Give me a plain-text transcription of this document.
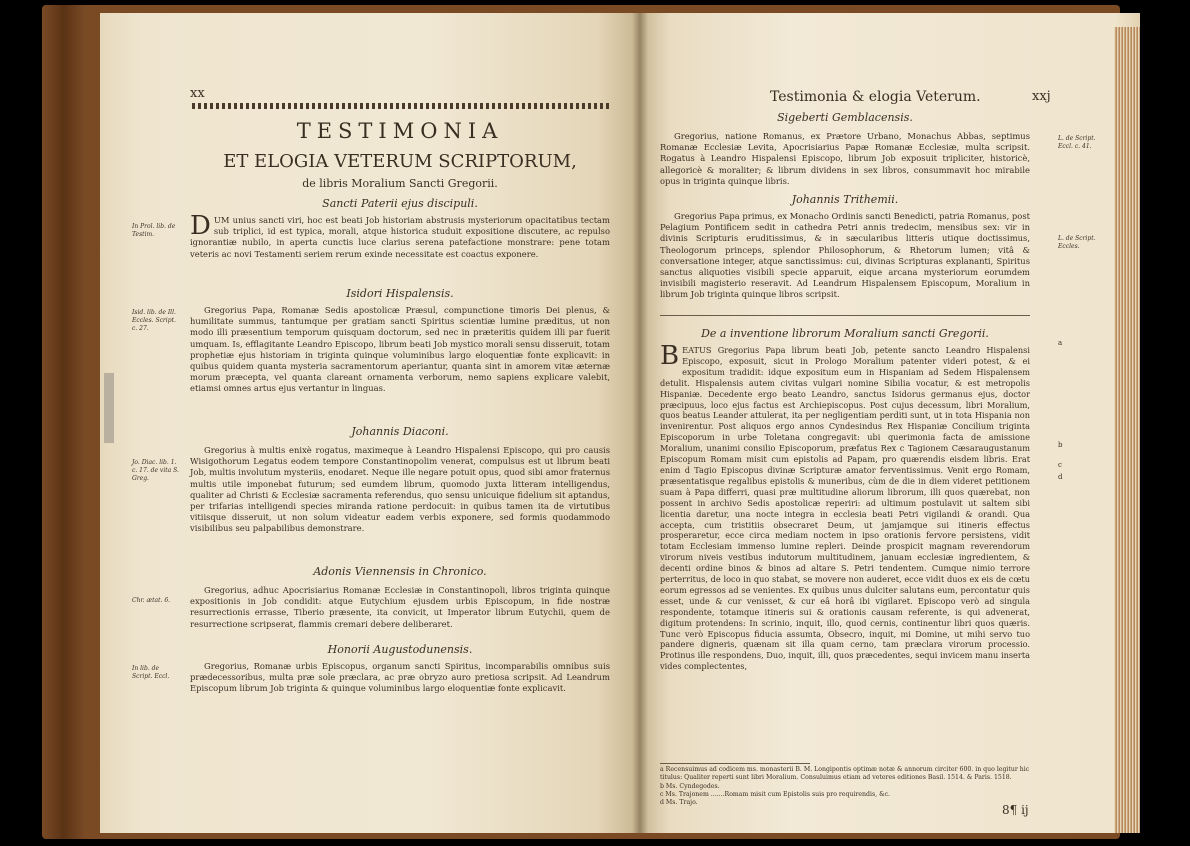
xx
TESTIMONIA
ET ELOGIA VETERUM SCRIPTORUM,
de libris Moralium Sancti Gregorii.
Sancti Paterii ejus discipuli.

In Prol. lib. de Testim.	DUM unius sancti viri, hoc est beati Job historiam abstrusis mysteriorum opacitatibus tectam sub triplici, id est typica, morali, atque historica studuit expositione discutere, ac repulso ignorantiæ nubilo, in aperta cunctis luce clarius serena patefactione monstrare: pene totam veteris ac novi Testamenti seriem rerum exinde necessitate est coactus exponere.

Isidori Hispalensis.

Isid. lib. de Ill. Eccles. Script. c. 27.

Gregorius Papa, Romanæ Sedis apostolicæ Præsul, compunctione timoris Dei plenus, & humilitate summus, tantumque per gratiam sancti Spiritus scientiæ lumine præditus, ut non modo illi præsentium temporum quisquam doctorum, sed nec in præteritis quidem illi par fuerit umquam. Is, efflagitante Leandro Episcopo, librum beati Job mystico morali sensu disseruit, totam prophetiæ ejus historiam in triginta quinque voluminibus largo eloquentiæ fonte explicavit: in quibus quidem quanta mysteria sacramentorum aperiantur, quanta sint in amorem vitæ æternæ morum præcepta, vel quanta clareant ornamenta verborum, nemo sapiens explicare valebit, etiamsi omnes artus ejus vertantur in linguas.

Johannis Diaconi.

Jo. Diac. lib. 1. c. 17. de vita S. Greg.

Gregorius à multis enixè rogatus, maximeque à Leandro Hispalensi Episcopo, qui pro causis Wisigothorum Legatus eodem tempore Constantinopolim venerat, compulsus est ut librum beati Job, multis involutum mysteriis, enodaret. Neque ille negare potuit opus, quod sibi amor fraternus multis utile imponebat futurum; sed eumdem librum, quomodo juxta litteram intelligendus, qualiter ad Christi & Ecclesiæ sacramenta referendus, quo sensu unicuique fidelium sit aptandus, per trifarias intelligendi species miranda ratione perdocuit: in quibus tamen ita de virtutibus vitiisque disseruit, ut non solum videatur eadem verbis exponere, sed formis quodammodo visibilibus seu palpabilibus demonstrare.

Adonis Viennensis in Chronico.

Chr. ætat. 6.

Gregorius, adhuc Apocrisiarius Romanæ Ecclesiæ in Constantinopoli, libros triginta quinque expositionis in Job condidit: atque Eutychium ejusdem urbis Episcopum, in fide nostræ resurrectionis errasse, Tiberio præsente, ita convicit, ut Imperator librum Eutychii, quem de resurrectione scripserat, flammis cremari debere deliberaret.

Honorii Augustodunensis.

In lib. de Script. Eccl.

Gregorius, Romanæ urbis Episcopus, organum sancti Spiritus, incomparabilis omnibus suis prædecessoribus, multa præ sole præclara, ac præ obryzo auro pretiosa scripsit. Ad Leandrum Episcopum librum Job triginta & quinque voluminibus largo eloquentiæ fonte explicavit.

Testimonia & elogia Veterum.	xxj
Sigeberti Gemblacensis.

Gregorius, natione Romanus, ex Prætore Urbano, Monachus Abbas, septimus Romanæ Ecclesiæ Levita, Apocrisiarius Papæ Romanæ Ecclesiæ, multa scripsit. Rogatus à Leandro Hispalensi Episcopo, librum Job exposuit tripliciter, historicè, allegoricè & moraliter; & librum dividens in sex libros, consummavit hoc mirabile opus in triginta quinque libris.

L. de Script. Eccl. c. 41.

Johannis Trithemii.

Gregorius Papa primus, ex Monacho Ordinis sancti Benedicti, patria Romanus, post Pelagium Pontificem sedit in cathedra Petri annis tredecim, mensibus sex: vir in divinis Scripturis eruditissimus, & in sæcularibus litteris utique doctissimus, Theologorum princeps, splendor Philosophorum, & Rhetorum lumen; vitâ & conversatione integer, atque sanctissimus: cui, divinas Scripturas explananti, Spiritus sanctus aliquoties visibili specie apparuit, eique arcana mysteriorum eorumdem invisibili magisterio reseravit. Ad Leandrum Hispalensem Episcopum, Moralium in librum Job triginta quinque libros scripsit.

L. de Script. Eccles.

De a inventione librorum Moralium sancti Gregorii.

BEATUS Gregorius Papa librum beati Job, petente sancto Leandro Hispalensi Episcopo, exposuit, sicut in Prologo Moralium patenter videri potest, & ei expositum tradidit: idque expositum eum in Hispaniam ad Sedem Hispalensem detulit. Hispalensis autem civitas vulgari nomine Sibilia vocatur, & est metropolis Hispaniæ. Decedente ergo beato Leandro, sanctus Isidorus germanus ejus, doctor præcipuus, loco ejus factus est Archiepiscopus. Post cujus decessum, libri Moralium, quos beatus Leander attulerat, ita per negligentiam perditi sunt, ut in tota Hispania non invenirentur. Post aliquos ergo annos Cyndesindus Rex Hispaniæ Concilium triginta Episcoporum in urbe Toletana congregavit: ubi querimonia facta de amissione Moralium, unanimi consilio Episcoporum, præfatus Rex c Tagionem Cæsaraugustanum Episcopum Romam misit cum epistolis ad Papam, pro quærendis eisdem libris. Erat enim d Tagio Episcopus divinæ Scripturæ amator ferventissimus. Venit ergo Romam, præsentatisque regalibus epistolis & muneribus, cùm de die in diem videret petitionem suam à Papa differri, quasi præ multitudine aliorum librorum, illi quos quærebat, non possent in archivo Sedis apostolicæ reperiri: ad ultimum postulavit ut saltem sibi licentia daretur, una nocte integra in ecclesia beati Petri vigilandi & orandi. Qua accepta, cum tristitiis obsecraret Deum, ut jamjamque sui itineris effectus prosperaretur, ecce circa mediam noctem in ipso orationis fervore persistens, vidit totam Ecclesiam immenso lumine repleri. Deinde prospicit magnam reverendorum virorum niveis vestibus indutorum multitudinem, januam ecclesiæ ingredientem, & decenti ordine binos & binos ad altare S. Petri tendentem. Cumque nimio terrore perterritus, de loco in quo stabat, se movere non auderet, ecce vidit duos ex eis de cœtu eorum egressos ad se venientes. Ex quibus unus dulciter salutans eum, percontatur quis esset, unde & cur venisset, & cur eâ horâ ibi vigilaret. Episcopo verò ad singula respondente, totamque itineris sui & orationis causam referente, is qui advenerat, digitum protendens: In scrinio, inquit, illo, quod cernis, continentur libri quos quæris. Tunc verò Episcopus fiducia assumta, Obsecro, inquit, mi Domine, ut mihi servo tuo pandere digneris, quænam sit illa quam cerno, tam præclara virorum processio. Protinus ille respondens, Duo, inquit, illi, quos præcedentes, sequi invicem manu inserta vides complectentes,

a
b
c
d

a Recensuimus ad codicem ms. monasterii B. M. Longipontis optimæ notæ & annorum circiter 600. in quo legitur hic titulus: Qualiter reperti sunt libri Moralium. Consuluimus etiam ad veteres editiones Basil. 1514. & Paris. 1518.

b Ms. Cyndegodes.

c Ms. Trajonem .......Romam misit cum Epistolis suis pro requirendis, &c.

d Ms. Trajo.

8¶ ij
